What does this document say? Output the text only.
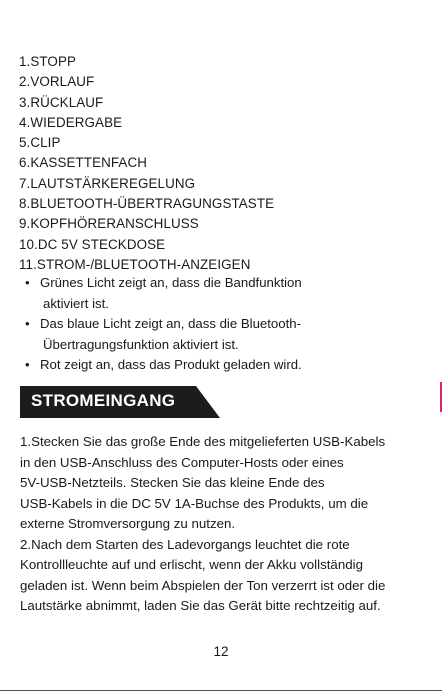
1.STOPP
2.VORLAUF
3.RÜCKLAUF
4.WIEDERGABE
5.CLIP
6.KASSETTENFACH
7.LAUTSTÄRKEREGELUNG
8.BLUETOOTH-ÜBERTRAGUNGSTASTE
9.KOPFHÖRERANSCHLUSS
10.DC 5V STECKDOSE
11.STROM-/BLUETOOTH-ANZEIGEN
• Grünes Licht zeigt an, dass die Bandfunktion
aktiviert ist.
• Das blaue Licht zeigt an, dass die Bluetooth-
Übertragungsfunktion aktiviert ist.
• Rot zeigt an, dass das Produkt geladen wird.
STROMEINGANG

1.Stecken Sie das große Ende des mitgelieferten USB-Kabels

in den USB-Anschluss des Computer-Hosts oder eines

5V-USB-Netzteils. Stecken Sie das kleine Ende des

USB-Kabels in die DC 5V 1A-Buchse des Produkts, um die

externe Stromversorgung zu nutzen.

2.Nach dem Starten des Ladevorgangs leuchtet die rote

Kontrollleuchte auf und erlischt, wenn der Akku vollständig

geladen ist. Wenn beim Abspielen der Ton verzerrt ist oder die

Lautstärke abnimmt, laden Sie das Gerät bitte rechtzeitig auf.

12
